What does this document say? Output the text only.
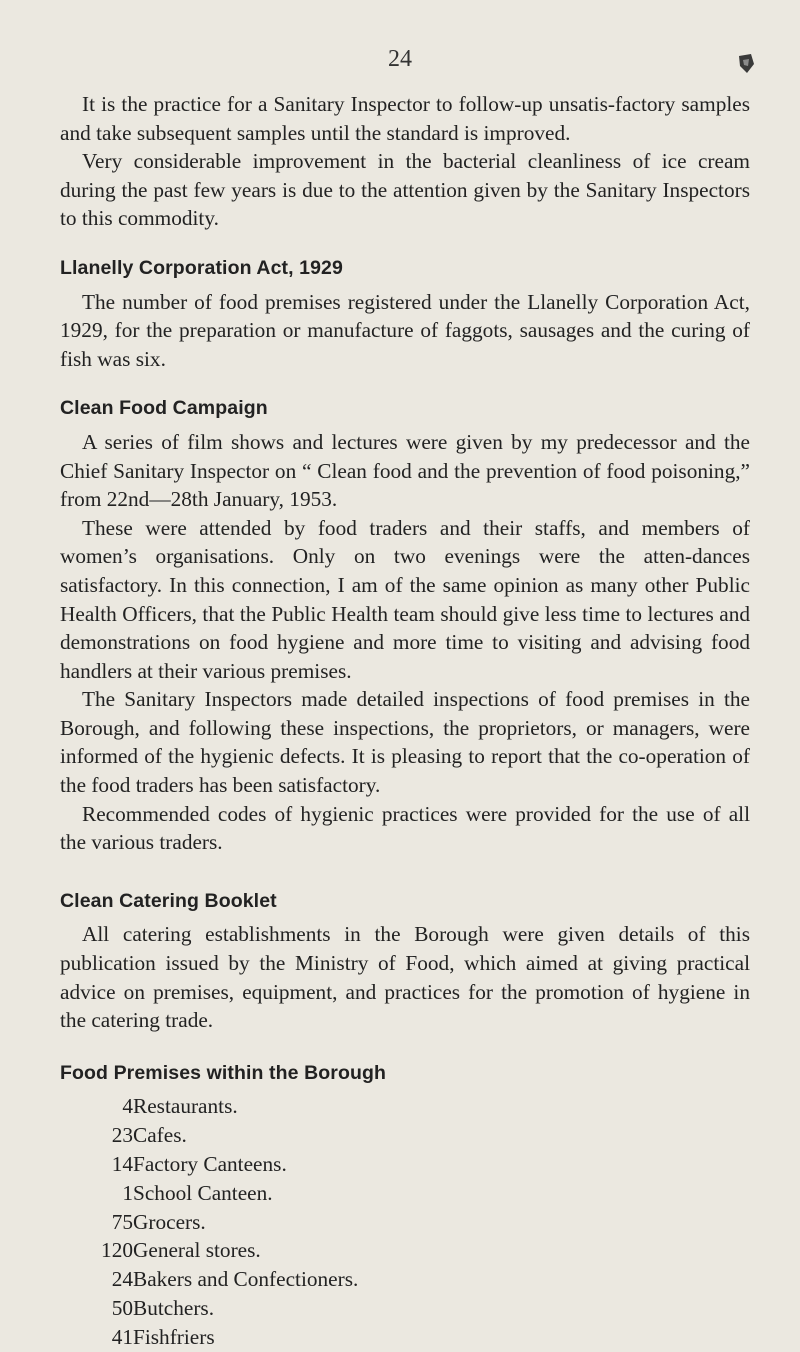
24

It is the practice for a Sanitary Inspector to follow-up unsatis-factory samples and take subsequent samples until the standard is improved.

Very considerable improvement in the bacterial cleanliness of ice cream during the past few years is due to the attention given by the Sanitary Inspectors to this commodity.

Llanelly Corporation Act, 1929

The number of food premises registered under the Llanelly Corporation Act, 1929, for the preparation or manufacture of faggots, sausages and the curing of fish was six.

Clean Food Campaign

A series of film shows and lectures were given by my predecessor and the Chief Sanitary Inspector on “ Clean food and the prevention of food poisoning,” from 22nd—28th January, 1953.

These were attended by food traders and their staffs, and members of women’s organisations. Only on two evenings were the atten-dances satisfactory. In this connection, I am of the same opinion as many other Public Health Officers, that the Public Health team should give less time to lectures and demonstrations on food hygiene and more time to visiting and advising food handlers at their various premises.

The Sanitary Inspectors made detailed inspections of food premises in the Borough, and following these inspections, the proprietors, or managers, were informed of the hygienic defects. It is pleasing to report that the co-operation of the food traders has been satisfactory.

Recommended codes of hygienic practices were provided for the use of all the various traders.

Clean Catering Booklet

All catering establishments in the Borough were given details of this publication issued by the Ministry of Food, which aimed at giving practical advice on premises, equipment, and practices for the promotion of hygiene in the catering trade.

Food Premises within the Borough
4	Restaurants.
23	Cafes.
14	Factory Canteens.
1	School Canteen.
75	Grocers.
120	General stores.
24	Bakers and Confectioners.
50	Butchers.
41	Fishfriers
